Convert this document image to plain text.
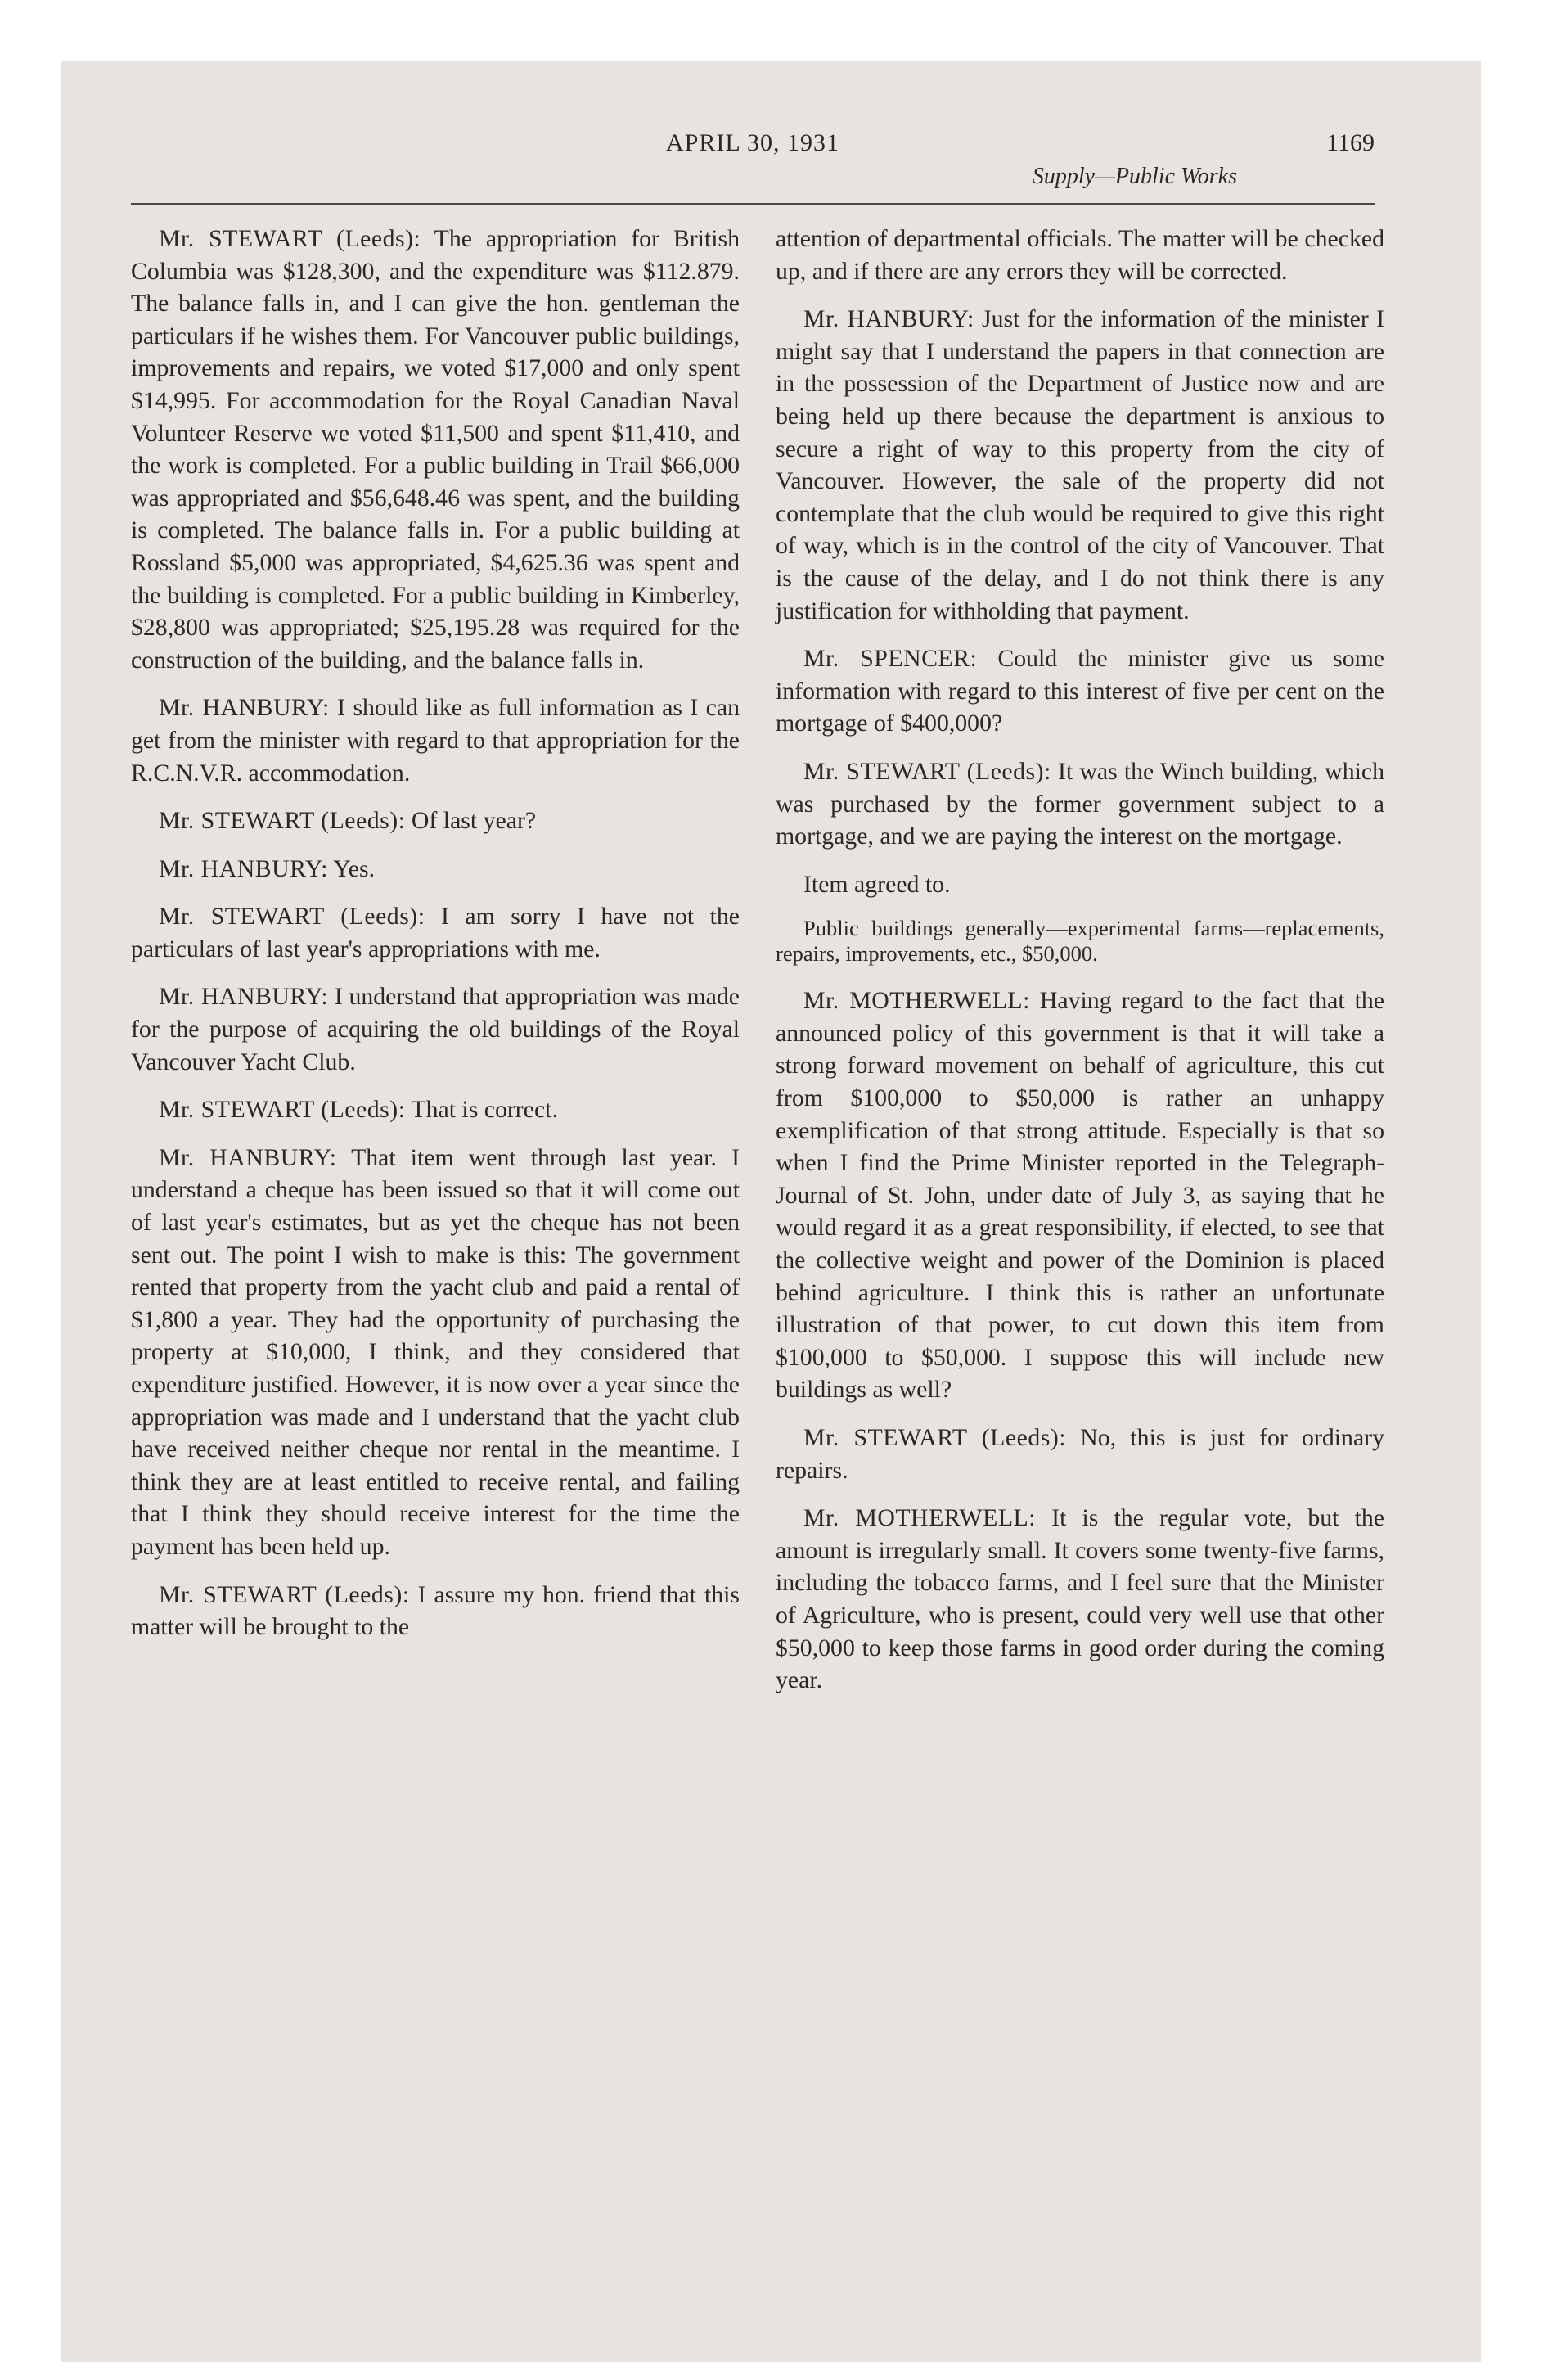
APRIL 30, 1931	1169
Supply—Public Works

Mr. STEWART (Leeds): The appropriation for British Columbia was $128,300, and the expenditure was $112.879. The balance falls in, and I can give the hon. gentleman the particulars if he wishes them. For Vancouver public buildings, improvements and repairs, we voted $17,000 and only spent $14,995. For accommodation for the Royal Canadian Naval Volunteer Reserve we voted $11,500 and spent $11,410, and the work is completed. For a public building in Trail $66,000 was appropriated and $56,648.46 was spent, and the building is completed. The balance falls in. For a public building at Rossland $5,000 was appropriated, $4,625.36 was spent and the building is completed. For a public building in Kimberley, $28,800 was appropriated; $25,195.28 was required for the construction of the building, and the balance falls in.

Mr. HANBURY: I should like as full information as I can get from the minister with regard to that appropriation for the R.C.N.V.R. accommodation.

Mr. STEWART (Leeds): Of last year?

Mr. HANBURY: Yes.

Mr. STEWART (Leeds): I am sorry I have not the particulars of last year's appropriations with me.

Mr. HANBURY: I understand that appropriation was made for the purpose of acquiring the old buildings of the Royal Vancouver Yacht Club.

Mr. STEWART (Leeds): That is correct.

Mr. HANBURY: That item went through last year. I understand a cheque has been issued so that it will come out of last year's estimates, but as yet the cheque has not been sent out. The point I wish to make is this: The government rented that property from the yacht club and paid a rental of $1,800 a year. They had the opportunity of purchasing the property at $10,000, I think, and they considered that expenditure justified. However, it is now over a year since the appropriation was made and I understand that the yacht club have received neither cheque nor rental in the meantime. I think they are at least entitled to receive rental, and failing that I think they should receive interest for the time the payment has been held up.

Mr. STEWART (Leeds): I assure my hon. friend that this matter will be brought to the

attention of departmental officials. The matter will be checked up, and if there are any errors they will be corrected.

Mr. HANBURY: Just for the information of the minister I might say that I understand the papers in that connection are in the possession of the Department of Justice now and are being held up there because the department is anxious to secure a right of way to this property from the city of Vancouver. However, the sale of the property did not contemplate that the club would be required to give this right of way, which is in the control of the city of Vancouver. That is the cause of the delay, and I do not think there is any justification for withholding that payment.

Mr. SPENCER: Could the minister give us some information with regard to this interest of five per cent on the mortgage of $400,000?

Mr. STEWART (Leeds): It was the Winch building, which was purchased by the former government subject to a mortgage, and we are paying the interest on the mortgage.

Item agreed to.

Public buildings generally—experimental farms—replacements, repairs, improvements, etc., $50,000.

Mr. MOTHERWELL: Having regard to the fact that the announced policy of this government is that it will take a strong forward movement on behalf of agriculture, this cut from $100,000 to $50,000 is rather an unhappy exemplification of that strong attitude. Especially is that so when I find the Prime Minister reported in the Telegraph-Journal of St. John, under date of July 3, as saying that he would regard it as a great responsibility, if elected, to see that the collective weight and power of the Dominion is placed behind agriculture. I think this is rather an unfortunate illustration of that power, to cut down this item from $100,000 to $50,000. I suppose this will include new buildings as well?

Mr. STEWART (Leeds): No, this is just for ordinary repairs.

Mr. MOTHERWELL: It is the regular vote, but the amount is irregularly small. It covers some twenty-five farms, including the tobacco farms, and I feel sure that the Minister of Agriculture, who is present, could very well use that other $50,000 to keep those farms in good order during the coming year.
